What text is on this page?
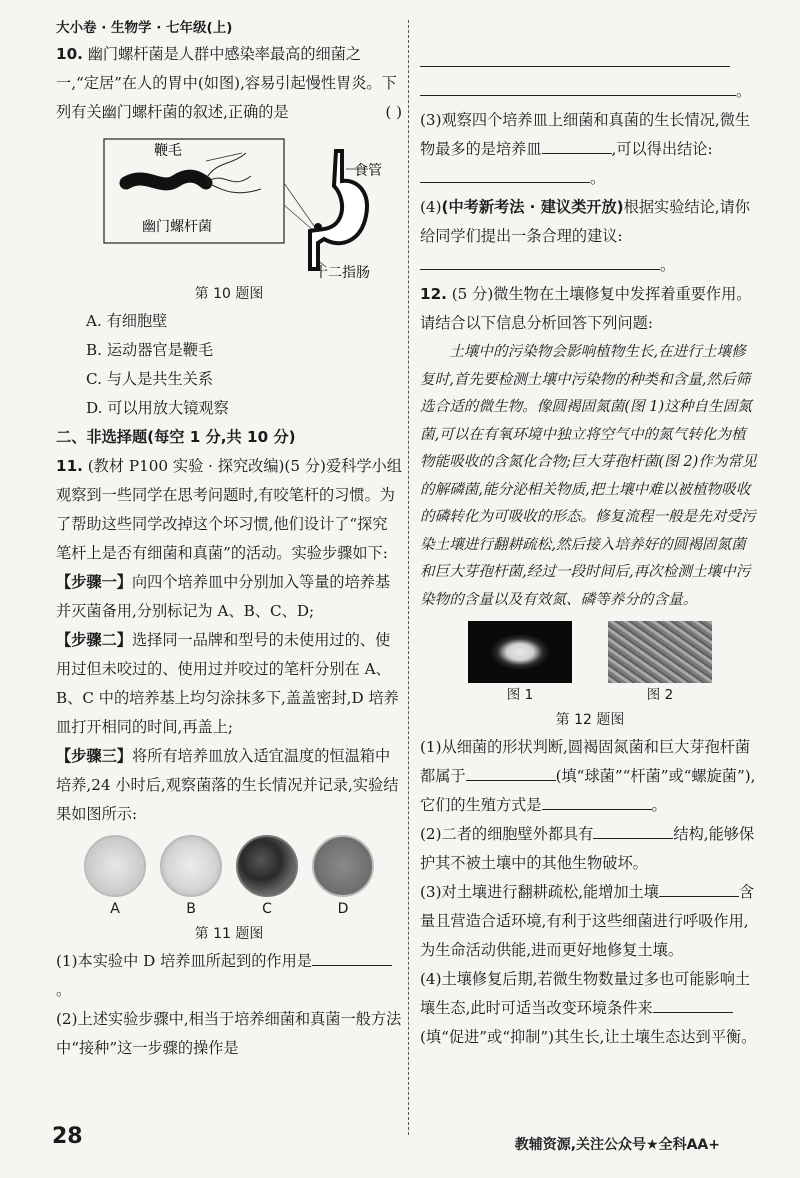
大小卷 · 生物学 · 七年级(上)

10. 幽门螺杆菌是人群中感染率最高的细菌之一,“定居”在人的胃中(如图),容易引起慢性胃炎。下列有关幽门螺杆菌的叙述,正确的是	( )

鞭毛
幽门螺杆菌
食管
十二指肠
第 10 题图

A. 有细胞壁

B. 运动器官是鞭毛

C. 与人是共生关系

D. 可以用放大镜观察

二、非选择题(每空 1 分,共 10 分)

11. (教材 P100 实验 · 探究改编)(5 分)爱科学小组观察到一些同学在思考问题时,有咬笔杆的习惯。为了帮助这些同学改掉这个坏习惯,他们设计了“探究笔杆上是否有细菌和真菌”的活动。实验步骤如下:

【步骤一】向四个培养皿中分别加入等量的培养基并灭菌备用,分别标记为 A、B、C、D;

【步骤二】选择同一品牌和型号的未使用过的、使用过但未咬过的、使用过并咬过的笔杆分别在 A、B、C 中的培养基上均匀涂抹多下,盖盖密封,D 培养皿打开相同的时间,再盖上;

【步骤三】将所有培养皿放入适宜温度的恒温箱中培养,24 小时后,观察菌落的生长情况并记录,实验结果如图所示:

A	B	C	D
第 11 题图

(1)本实验中 D 培养皿所起到的作用是。

(2)上述实验步骤中,相当于培养细菌和真菌一般方法中“接种”这一步骤的操作是

。

(3)观察四个培养皿上细菌和真菌的生长情况,微生物最多的是培养皿	,可以得出结论:。

(4)(中考新考法 · 建议类开放)根据实验结论,请你给同学们提出一条合理的建议:。

12. (5 分)微生物在土壤修复中发挥着重要作用。请结合以下信息分析回答下列问题:

土壤中的污染物会影响植物生长,在进行土壤修复时,首先要检测土壤中污染物的种类和含量,然后筛选合适的微生物。像圆褐固氮菌(图 1)这种自生固氮菌,可以在有氧环境中独立将空气中的氮气转化为植物能吸收的含氮化合物;巨大芽孢杆菌(图 2)作为常见的解磷菌,能分泌相关物质,把土壤中难以被植物吸收的磷转化为可吸收的形态。修复流程一般是先对受污染土壤进行翻耕疏松,然后接入培养好的圆褐固氮菌和巨大芽孢杆菌,经过一段时间后,再次检测土壤中污染物的含量以及有效氮、磷等养分的含量。

图 1	图 2
第 12 题图

(1)从细菌的形状判断,圆褐固氮菌和巨大芽孢杆菌都属于	(填“球菌”“杆菌”或“螺旋菌”),它们的生殖方式是	。

(2)二者的细胞壁外都具有	结构,能够保护其不被土壤中的其他生物破坏。

(3)对土壤进行翻耕疏松,能增加土壤	含量且营造合适环境,有利于这些细菌进行呼吸作用,为生命活动供能,进而更好地修复土壤。

(4)土壤修复后期,若微生物数量过多也可能影响土壤生态,此时可适当改变环境条件来(填“促进”或“抑制”)其生长,让土壤生态达到平衡。

28	教辅资源,关注公众号★全科AA+
